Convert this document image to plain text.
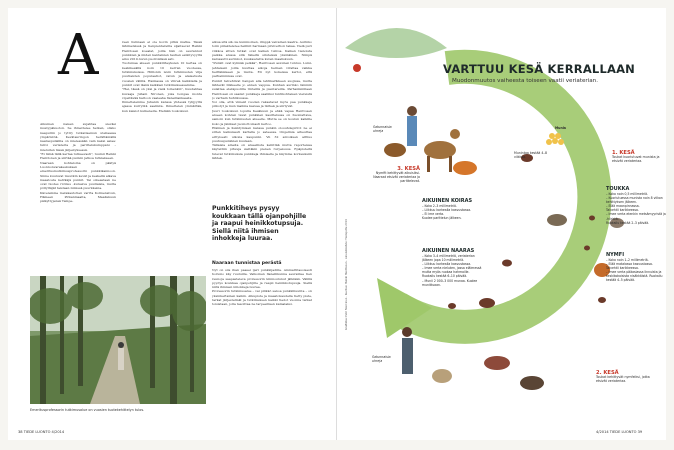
A
Aikuinen naisen sujahtaa sieväsi mustypäkuoton. Se ihmettelee hetken, olisko naapuriin jo tyttry tutkatisemun uteliaassa ympäristöä. Kevätauringon herättämällä naaraspunkilla on mielessään vain kaksi asiaa: tulivi veriateria ja parittelukumppani – mieluiten tässä järjestyksessä.
"Ei tämä tällä kertaa tutkaevasti", tuumii Heikki Henttonen ja siirtää punkin jatkoa tutkiakseen.
Naaraan kohtaloina on päätyä Luonnonvarakeskuksen emeritusmutkimusprofessorin punkkikannoon. Sinne kuuluvat muutkin kevät ja keskellä alkava maastosta keträäjä punkit. Tai oikeastaan ne ovat Ixodes ricinus -kulueiva puutiaisia, mutta pöllyttäjät taistaan nimissä puurkkeina.
Kävelemme metsäautotien varrta Kolmensivun, Hämeen Pirkanmaalta, Maaliskuun pälkyttyjensä Tampe-
reen hulinaan el ole kovin pitkä matka. Tässä lähimetsissä ja tienpientareilla sijaitsevat Heikki Henttosen koealat, joilla hän on seurannut punkkien ja niiden kantamien tautien esiintyvyyttä ainu 2010-luvun puolivälissä asti.
Tuotumaa alueen punkkitiheyksien 10 kertaa on keskikesällä noin 10 kerran vuodessa, tutkimuksissa. Hilllonin levin tutkimusten vilja puutiaisten populaatiot, vatun ja alaisetusta vuosien välillä. Haimassa on vihreä kaikkialla ja punkit ovat läsnä kaikkien tutkimuksessamme.
"Hei, tässä on yksi ja vielä toinenkin", huudahtaa kuvaaja Juhani Nironen, joka bongaa monta vipeltävää haltoon vaaleaha flanelliankaasta.
Ihmettelemme Juhanin kanssa yhdessä tyhjyyttä ajassa kurryntä saaliista. Ihmettelen ymmärtää, kun kaisiot kulkeneita. Eletään toukokuun
Punkkitiheys pysyy koukkaan tällä ojanpohjille ja raapui heinikkotupsuja. Siellä niitä ihmisen inhokkeja luuraa.
alkua sitä siä ole kummoinen, ilmppä vaivainen kaatra. Aurinko toiin piilakteletee heillint harmaan pilviverhon takaa. Vielä puri viikkoa sitten tutkat ovat kaiken tuntoa. Kaiken tienoista paikka alussa sitä täkeitä siluteissä yksinäinen. Niinpä karssautti aurinkot, kuukaudetta kuten maaliskuun.
"Punkit ovat kylmää pelkää", Henttosen asioinen tuntuu. Lumi-jehtaiseni joilla kuuttaa aikoja heimen viraltaa vaikka heittäkäiseen ja muita. Eli nyt kokeissa kertoi, että parhaimmissa ovat.
Punkit talvehtivat hangen alla lehtikarikkeen suojissa, mutta lähtevät liikkeelle jo ennen vappua. Kunhan aurinko lämmin sulattaa eteläpuolilla rinteillä ja pientareilla. Parhaimmillaan Henttosen on saanut punkkeja saaliiksi tuntikohtaisen viereistä jo varhain huhtikuussa.
Voi olla, että vimeät vuoden rakastavat myös paa punkkeja pilkotyt ja mun mailma kasvaa ja tärkeä ja siirtyvät.
Juuri toukokuun lopulla Kesäkuun ja ehkä vapaa Henttosen alueen kohden tavat punkkien kasittelussa on huomattava, samoin kun tutkimusten alueelle. Mutta se on koulun kaikille koko ja jänikset juomottomasti kertoo.
Eläimen ja lisäntymisen kanssa punkin olosuhdepirrot ne ei sitten kaikuisesti kartalla jo sateessa. Ongelmia aiheuttaa erityisesti ulkona kaupunki. Vii 32 antoiksen alttius puuhuspunkkien kuulaan.
Tällaisia aineita on alueellista kehittää mutta raporteissa käytettiin pihveja sieltäkin pienen rurpeisuus. Epäpisteitä tulevat tutkimuksia punkkeja ihmiselle ja käymme korkeuksiin lähteä.
Naaraan tunnistaa perästä
Nyt on siis ihan paasei ijeri punkkijadilla. Ammattitasoisesti horumo käy ruutuilla. Valkoinen flanellikunna seuraillee tien reunoja saapasteleva professorin kiinnostunut jälkiään. Välillä pyydys koukkaa ojanpohjille ja raapii heinikkotupsuja. Siellä niitä ihmisen inhokkeja luuraa.
Professorin tutkimusalue – vai pilikkö sanoa punkkihuuhta – on yksinkertainen kaikin. Alkupiste ja maastokaudella tietty piste, tarkat järjestelmät ja tutkimuksen kaikki tiedot vuonna tarkat toisistaan, jolla tasoittaa ne tarpeellisen kamalaksi.
Emeritusprofessorin tutkimusalue on vuosien tuotekehittelyn tulos.
38 TIEDE LUONTO 4/2014
VARTTUU KESÄ KERRALLAAN
Muodonmuutos vaiheesta toiseen vaatii veriaterian.
Satunnaisia uhreja
Munia
Munintaa kestää 4–8 viikkoa.
1. KESÄ
Toukat kuoriutuvat munista ja etsivät veriateriaa.
3. KESÄ
Nymfit kehittyvät aikuisiksi. Naaraat etsivät veriateriaa ja parittelevat.
AIKUINEN KOIRAS
– Koko 2–3 millimetriä.
– Liikkuu korkealla kasvustossa.
– Ei ime verta.
Kuolee parittelun jälkeen.
AIKUINEN NAARAS
– Koko 3–4 millimetriä, veriaterian jälkeen jopa 10 millimetriä.
– Liikkuu korkealla kasvustossa.
– Imee verta nieluten, jossa eläimessä mutta myös ruokaa hahmoille.
Ruokailu kestää 6–10 päivää.
– Munii 2 000–3 000 munaa. Kuolee munittuaan.
TOUKKA
– Koko noin 0,5 millimetriä.
– Kuoriutuessa munista noin 8 viikon kehittyksen jälkeen.
– Elää maanpinnassa.
Talvehtii karikkeessa.
– Imee verta etenkin metsämyyristä ja -hiiristä.
Ruokailu kestää 2–3 päivää.
NYMFI
– Koko noin 1–2 millimetriä.
– Elää matalassa kasvustossa.
Talvehtii karikkeessa.
– Imee verta pääasiassa linnuista ja keskikokoisista nisäkkäistä. Ruokailu kestää 4–5 päivää.
2. KESÄ
Toukat kehittyvät nymfeiksi, jotka etsivät veriateriaa.
Satunnaisia uhreja
Grafiikka: Petri Nieminen · Kuvitus: Heikki Henttonen · Aineistolähde: Tiedejuttu 2014
4/2014 TIEDE LUONTO 39
